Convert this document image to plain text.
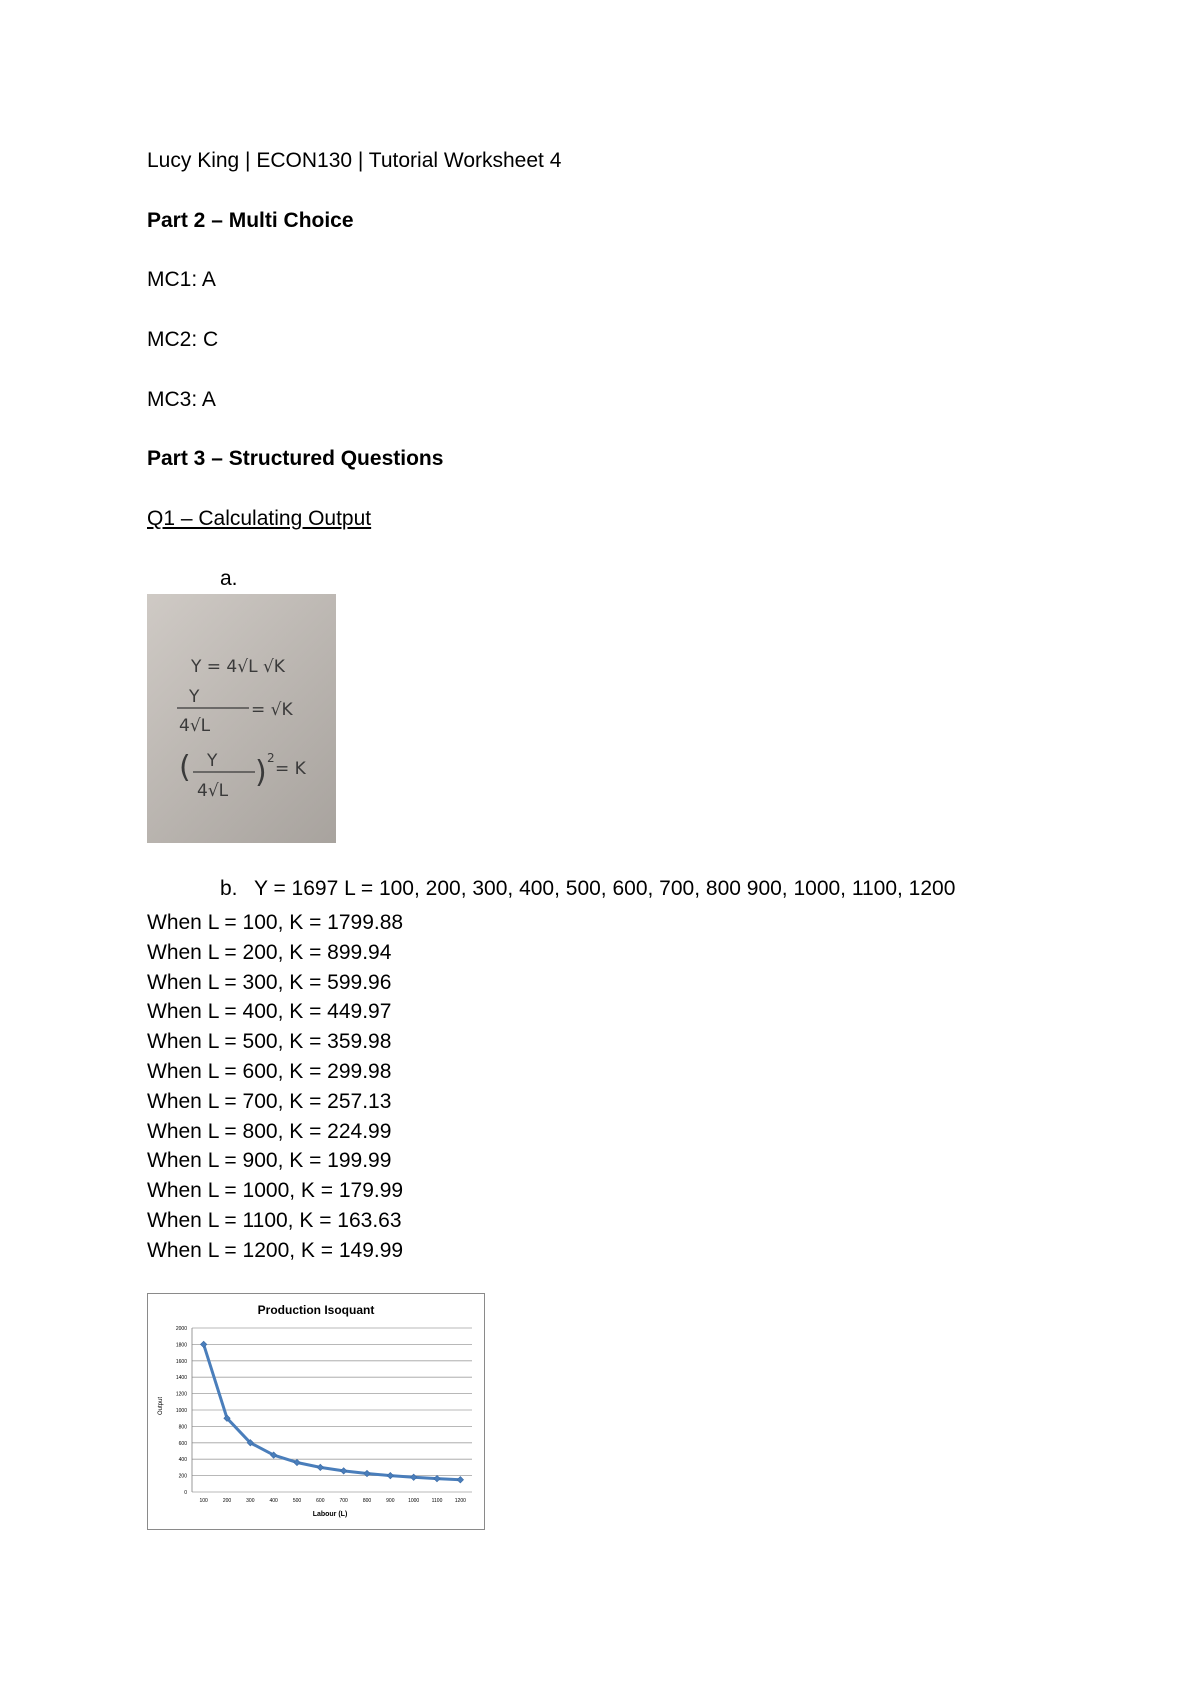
Lucy King | ECON130 | Tutorial Worksheet 4
Part 2 – Multi Choice
MC1: A
MC2: C
MC3: A
Part 3 – Structured Questions
Q1 – Calculating Output
a.
Y = 4√L √K
Y
4√L
= √K
( Y
4√L
) 2
= K
b. Y = 1697 L = 100, 200, 300, 400, 500, 600, 700, 800 900, 1000, 1100, 1200
When L = 100, K = 1799.88
When L = 200, K = 899.94
When L = 300, K = 599.96
When L = 400, K = 449.97
When L = 500, K = 359.98
When L = 600, K = 299.98
When L = 700, K = 257.13
When L = 800, K = 224.99
When L = 900, K = 199.99
When L = 1000, K = 179.99
When L = 1100, K = 163.63
When L = 1200, K = 149.99
Production Isoquant
0
200
400
600
800
1000
1200
1400
1600
1800
2000
100	200	300	400	500	600	700	800	900	1000 1100 1200
Output
Labour (L)
